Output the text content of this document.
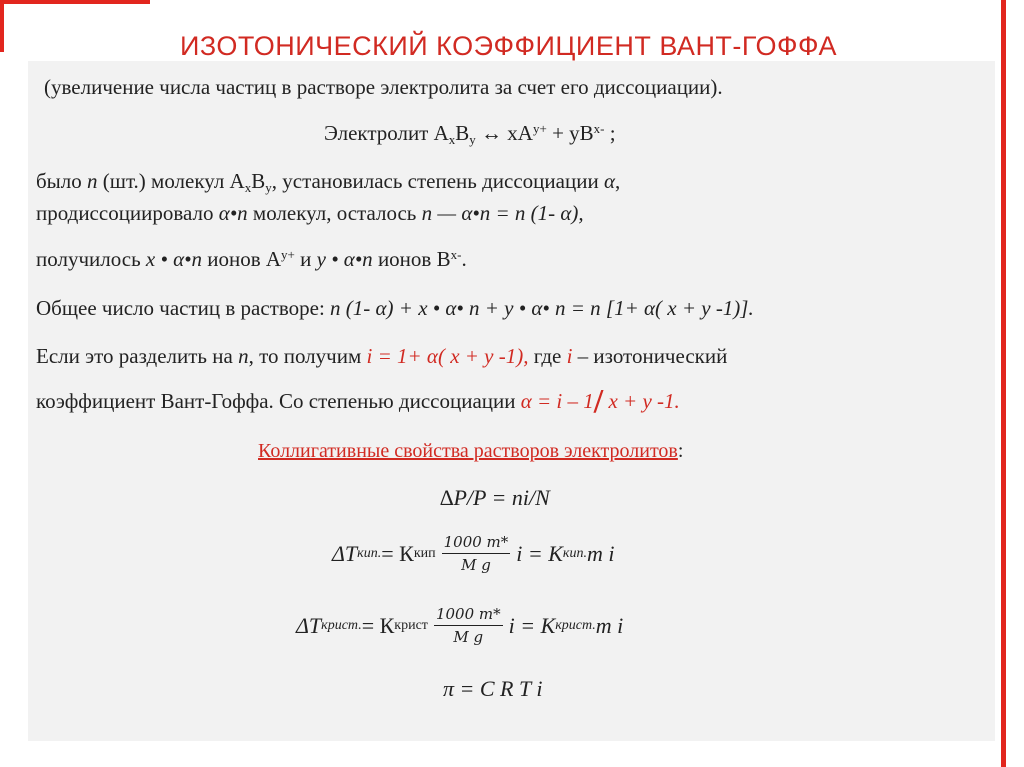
ИЗОТОНИЧЕСКИЙ КОЭФФИЦИЕНТ ВАНТ-ГОФФА
(увеличение числа частиц в растворе электролита за счет его диссоциации).
Электролит $А_xВ_y$ ↔ $xA^{y+} + yB^{x-}$ ;
было n (шт.) молекул $А_xВ_y$, установилась степень диссоциации α,
продиссоциировало α•n молекул, осталось n — α•n = n (1- α),
получилось x • α•n ионов $А^{y+}$ и y • α•n ионов $В^{x-}$.
Общее число частиц в растворе: n (1- α) + x • α• n + y • α• n = n [1+ α( x + y -1)].
Если это разделить на n, то получим i = 1+ α( x + y -1), где i – изотонический
коэффициент Вант-Гоффа. Со степенью диссоциации α = i – 1/ x + y -1.
Коллигативные свойства растворов электролитов:
∆P/P = ni/N
ΔT кип. = К кип $\frac{1000 m*}{\text{M g}}$ i = K кип. m i
ΔT крист. = К крист $\frac{1000 m*}{\text{M g}}$ i = K крист. m i
π = C R T i
